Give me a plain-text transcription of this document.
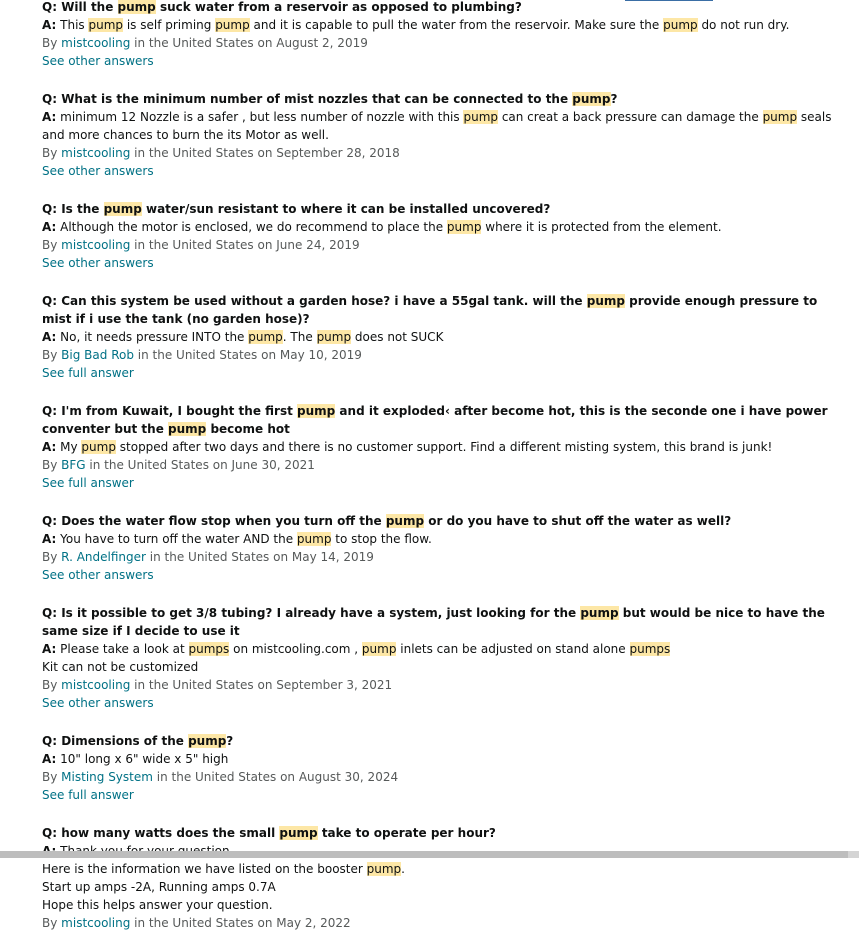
Q: Will the pump suck water from a reservoir as opposed to plumbing?
A: This pump is self priming pump and it is capable to pull the water from the reservoir. Make sure the pump do not run dry.
By mistcooling in the United States on August 2, 2019
See other answers
Q: What is the minimum number of mist nozzles that can be connected to the pump?
A: minimum 12 Nozzle is a safer , but less number of nozzle with this pump can creat a back pressure can damage the pump seals and more chances to burn the its Motor as well.
By mistcooling in the United States on September 28, 2018
See other answers
Q: Is the pump water/sun resistant to where it can be installed uncovered?
A: Although the motor is enclosed, we do recommend to place the pump where it is protected from the element.
By mistcooling in the United States on June 24, 2019
See other answers
Q: Can this system be used without a garden hose? i have a 55gal tank. will the pump provide enough pressure to mist if i use the tank (no garden hose)?
A: No, it needs pressure INTO the pump. The pump does not SUCK
By Big Bad Rob in the United States on May 10, 2019
See full answer
Q: I'm from Kuwait, I bought the first pump and it exploded‹ after become hot, this is the seconde one i have power conventer but the pump become hot
A: My pump stopped after two days and there is no customer support. Find a different misting system, this brand is junk!
By BFG in the United States on June 30, 2021
See full answer
Q: Does the water flow stop when you turn off the pump or do you have to shut off the water as well?
A: You have to turn off the water AND the pump to stop the flow.
By R. Andelfinger in the United States on May 14, 2019
See other answers
Q: Is it possible to get 3/8 tubing? I already have a system, just looking for the pump but would be nice to have the same size if I decide to use it
A: Please take a look at pumps on mistcooling.com , pump inlets can be adjusted on stand alone pumps
Kit can not be customized
By mistcooling in the United States on September 3, 2021
See other answers
Q: Dimensions of the pump?
A: 10" long x 6" wide x 5" high
By Misting System in the United States on August 30, 2024
See full answer
Q: how many watts does the small pump take to operate per hour?
Here is the information we have listed on the booster pump.
Start up amps -2A, Running amps 0.7A
Hope this helps answer your question.
By mistcooling in the United States on May 2, 2022
